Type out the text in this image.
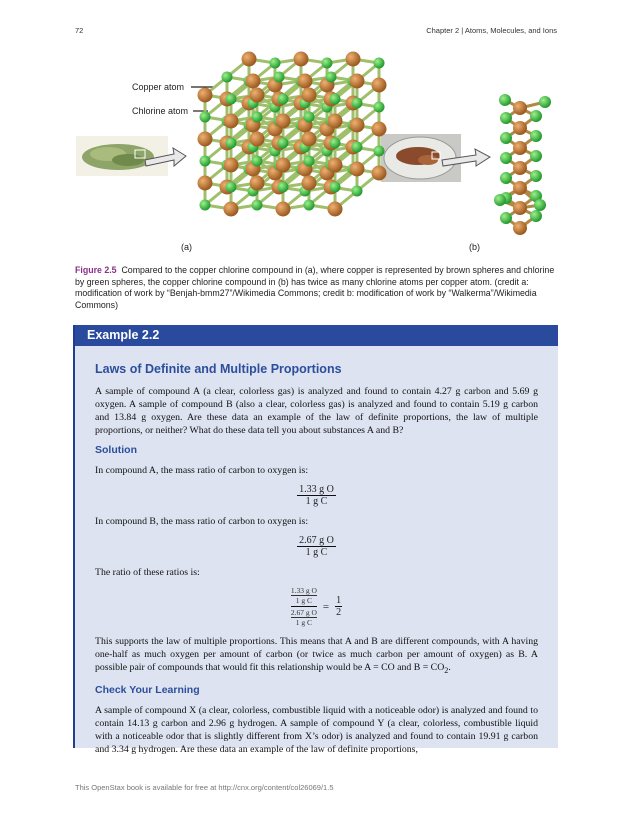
72	Chapter 2 | Atoms, Molecules, and Ions
Copper atom
Chlorine atom
(a)	(b)
Figure 2.5 Compared to the copper chlorine compound in (a), where copper is represented by brown spheres and chlorine by green spheres, the copper chlorine compound in (b) has twice as many chlorine atoms per copper atom. (credit a: modification of work by “Benjah-bmm27”/Wikimedia Commons; credit b: modification of work by “Walkerma”/Wikimedia Commons)
Example 2.2
Laws of Definite and Multiple Proportions

A sample of compound A (a clear, colorless gas) is analyzed and found to contain 4.27 g carbon and 5.69 g oxygen. A sample of compound B (also a clear, colorless gas) is analyzed and found to contain 5.19 g carbon and 13.84 g oxygen. Are these data an example of the law of definite proportions, the law of multiple proportions, or neither? What do these data tell you about substances A and B?

Solution

In compound A, the mass ratio of carbon to oxygen is:

$\frac{\text{1.33 g O}}{\text{1 g C}}$

In compound B, the mass ratio of carbon to oxygen is:

$\frac{\text{2.67 g O}}{\text{1 g C}}$

The ratio of these ratios is:

$\frac{\text{1.33 g O}}{\text{1 g C}}$
$\frac{\text{2.67 g O}}{\text{1 g C}}$
= $\frac{1}{2}$

This supports the law of multiple proportions. This means that A and B are different compounds, with A having one-half as much oxygen per amount of carbon (or twice as much carbon per amount of oxygen) as B. A possible pair of compounds that would fit this relationship would be A = CO and $B = CO_2$.

Check Your Learning

A sample of compound X (a clear, colorless, combustible liquid with a noticeable odor) is analyzed and found to contain 14.13 g carbon and 2.96 g hydrogen. A sample of compound Y (a clear, colorless, combustible liquid with a noticeable odor that is slightly different from X’s odor) is analyzed and found to contain 19.91 g carbon and 3.34 g hydrogen. Are these data an example of the law of definite proportions,

This OpenStax book is available for free at http://cnx.org/content/col26069/1.5
